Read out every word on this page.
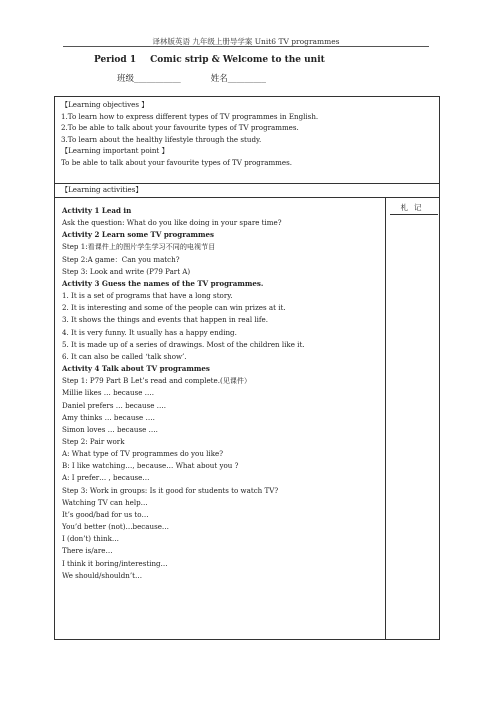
译林版英语 九年级上册导学案 Unit6 TV programmes
Period 1 Comic strip & Welcome to the unit
班级___________	姓名_________
【Learning objectives 】
1.To learn how to express different types of TV programmes in English.
2.To be able to talk about your favourite types of TV programmes.
3.To learn about the healthy lifestyle through the study.
【Learning important point 】
To be able to talk about your favourite types of TV programmes.
【Learning activities】
Activity 1 Lead in
Ask the question: What do you like doing in your spare time?
Activity 2 Learn some TV programmes
Step 1:看课件上的图片学生学习不同的电视节目
Step 2:A game：Can you match?
Step 3: Look and write (P79 Part A)
Activity 3 Guess the names of the TV programmes.
1. It is a set of programs that have a long story.
2. It is interesting and some of the people can win prizes at it.
3. It shows the things and events that happen in real life.
4. It is very funny. It usually has a happy ending.
5. It is made up of a series of drawings. Most of the children like it.
6. It can also be called ‘talk show’.
Activity 4 Talk about TV programmes
Step 1: P79 Part B Let’s read and complete.(见课件）
Millie likes … because ….
Daniel prefers … because ….
Amy thinks … because ….
Simon loves … because ….
Step 2: Pair work
A: What type of TV programmes do you like?
B: I like watching…, because… What about you ?
A: I prefer… , because…
Step 3: Work in groups: Is it good for students to watch TV?
Watching TV can help…
It’s good/bad for us to…
You’d better (not)…because…
I (don’t) think…
There is/are…
I think it boring/interesting…
We should/shouldn’t…
札记
